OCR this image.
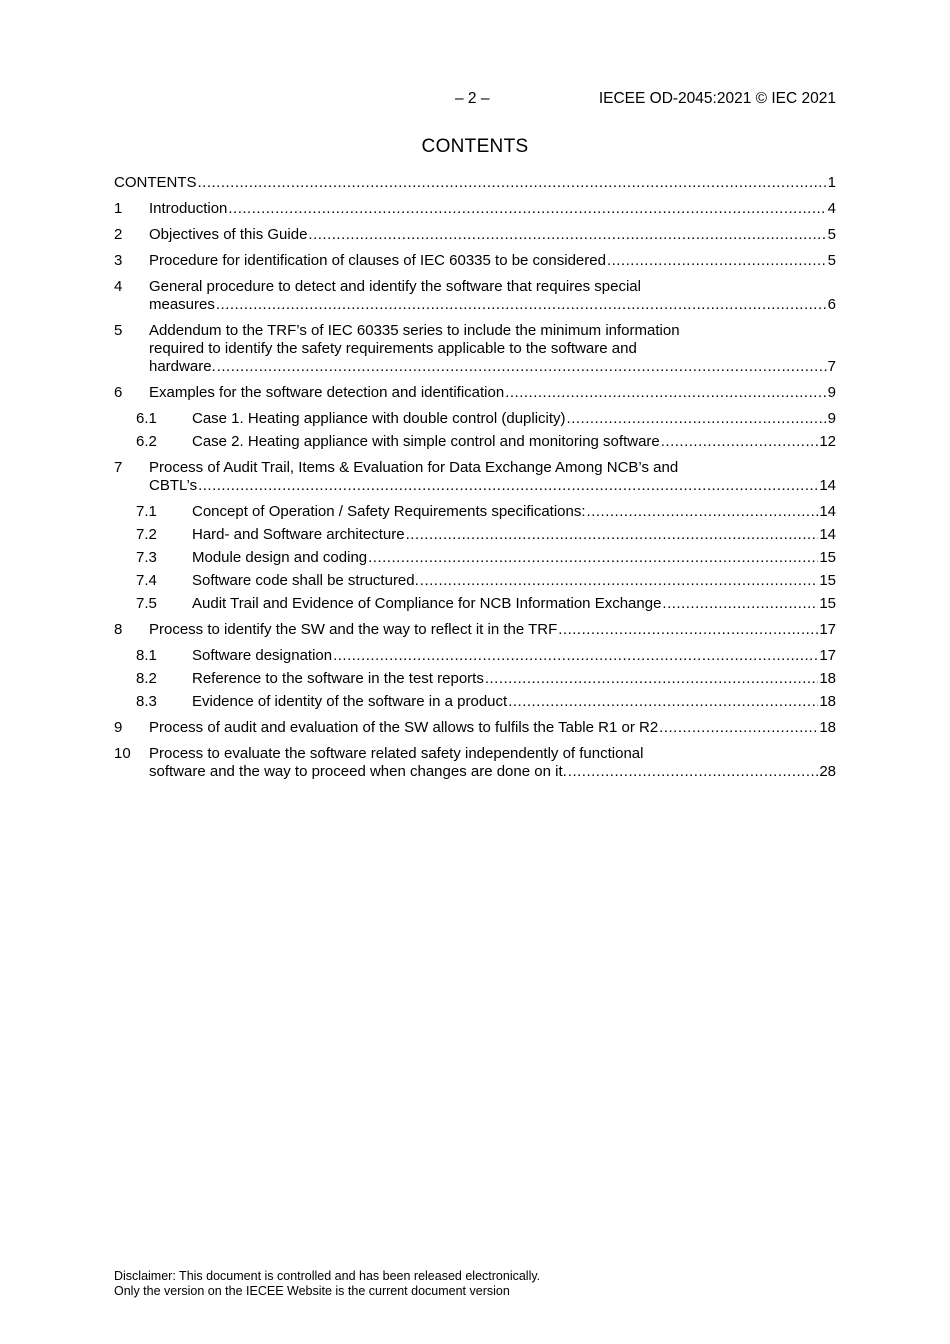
– 2 –	IECEE OD-2045:2021 © IEC 2021
CONTENTS
CONTENTS .....	1
1	Introduction .....	4
2	Objectives of this Guide .....	5
3	Procedure for identification of clauses of IEC 60335 to be considered .....	5
4	General procedure to detect and identify the software that requires special
measures .....	6
5	Addendum to the TRF’s of IEC 60335 series to include the minimum information
required to identify the safety requirements applicable to the software and
hardware. .....	7
6	Examples for the software detection and identification .....	9
6.1	Case 1. Heating appliance with double control (duplicity) .....	9
6.2	Case 2. Heating appliance with simple control and monitoring software .....	12
7	Process of Audit Trail, Items & Evaluation for Data Exchange Among NCB’s and
CBTL’s .....	14
7.1	Concept of Operation / Safety Requirements specifications: .....	14
7.2	Hard- and Software architecture .....	14
7.3	Module design and coding .....	15
7.4	Software code shall be structured. .....	15
7.5	Audit Trail and Evidence of Compliance for NCB Information Exchange .....	15
8	Process to identify the SW and the way to reflect it in the TRF .....	17
8.1	Software designation .....	17
8.2	Reference to the software in the test reports .....	18
8.3	Evidence of identity of the software in a product .....	18
9	Process of audit and evaluation of the SW allows to fulfils the Table R1 or R2 .....	18
10	Process to evaluate the software related safety independently of functional
software and the way to proceed when changes are done on it. .....	28
Disclaimer: This document is controlled and has been released electronically.
Only the version on the IECEE Website is the current document version
